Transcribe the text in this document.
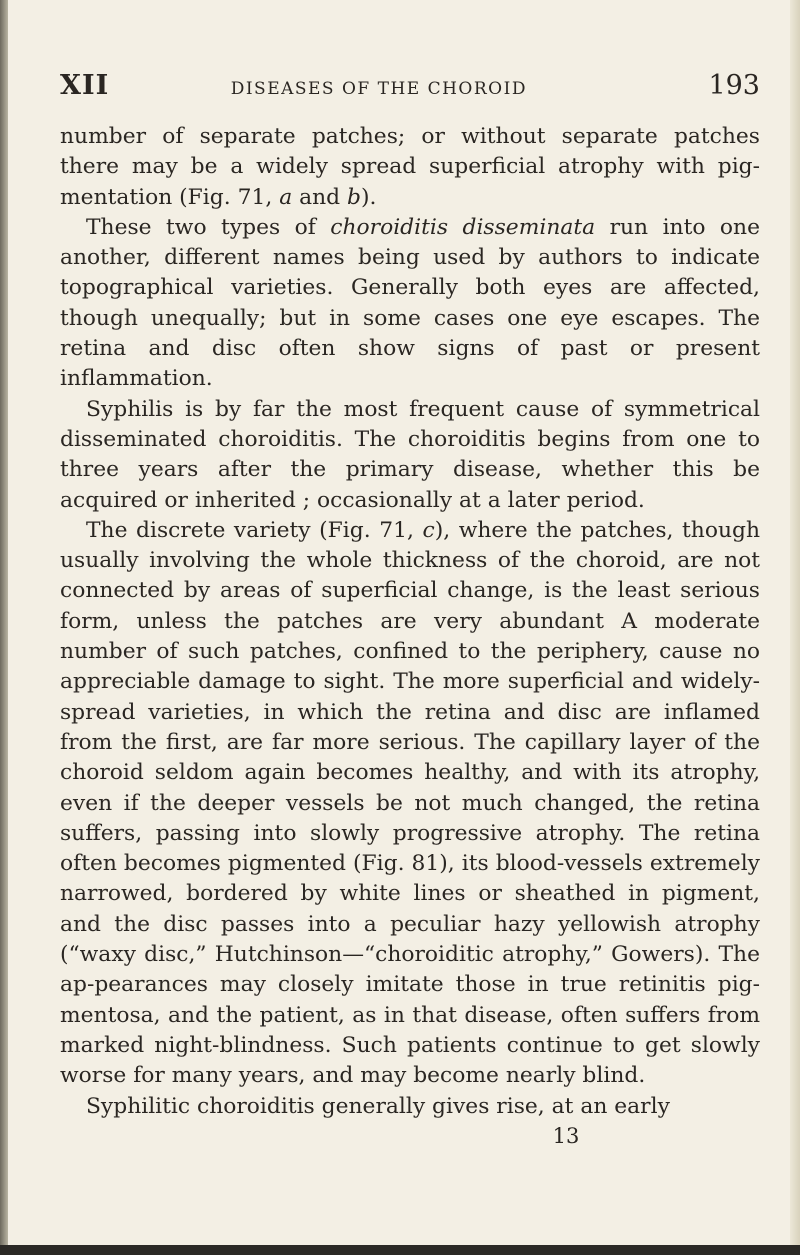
XII	DISEASES OF THE CHOROID	193

number of separate patches; or without separate patches there may be a widely spread superficial atrophy with pig-mentation (Fig. 71, a and b).

These two types of choroiditis disseminata run into one another, different names being used by authors to indicate topographical varieties. Generally both eyes are affected, though unequally; but in some cases one eye escapes. The retina and disc often show signs of past or present inflammation.

Syphilis is by far the most frequent cause of symmetrical disseminated choroiditis. The choroiditis begins from one to three years after the primary disease, whether this be acquired or inherited ; occasionally at a later period.

The discrete variety (Fig. 71, c), where the patches, though usually involving the whole thickness of the choroid, are not connected by areas of superficial change, is the least serious form, unless the patches are very abundant A moderate number of such patches, confined to the periphery, cause no appreciable damage to sight. The more superficial and widely-spread varieties, in which the retina and disc are inflamed from the first, are far more serious. The capillary layer of the choroid seldom again becomes healthy, and with its atrophy, even if the deeper vessels be not much changed, the retina suffers, passing into slowly progressive atrophy. The retina often becomes pigmented (Fig. 81), its blood-vessels extremely narrowed, bordered by white lines or sheathed in pigment, and the disc passes into a peculiar hazy yellowish atrophy (“waxy disc,” Hutchinson—“choroiditic atrophy,” Gowers). The ap-pearances may closely imitate those in true retinitis pig-mentosa, and the patient, as in that disease, often suffers from marked night-blindness. Such patients continue to get slowly worse for many years, and may become nearly blind.

Syphilitic choroiditis generally gives rise, at an early

13
